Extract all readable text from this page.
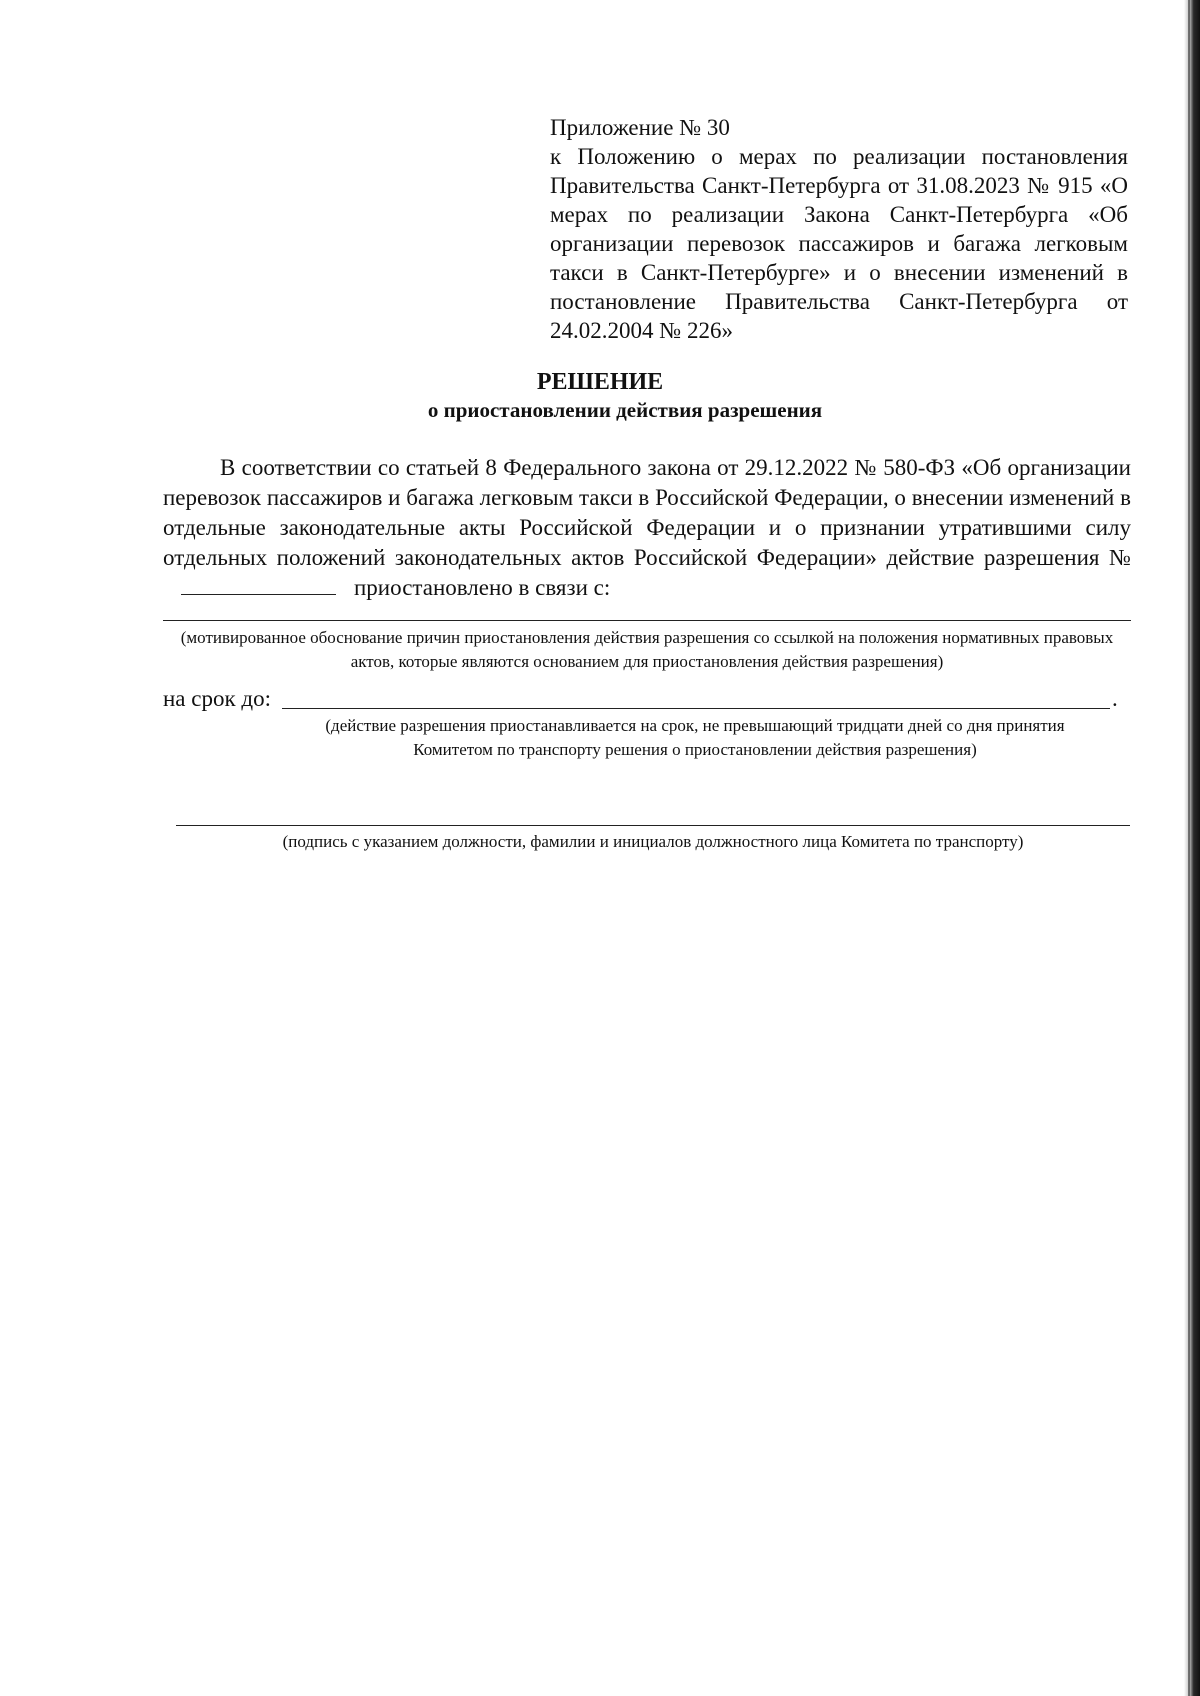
Приложение № 30
к Положению о мерах по реализации постановления Правительства Санкт-Петербурга от 31.08.2023 № 915 «О мерах по реализации Закона Санкт-Петербурга «Об организации перевозок пассажиров и багажа легковым такси в Санкт-Петербурге» и о внесении изменений в постановление Правительства Санкт-Петербурга от 24.02.2004 № 226»
РЕШЕНИЕ
о приостановлении действия разрешения
В соответствии со статьей 8 Федерального закона от 29.12.2022 № 580-ФЗ «Об организации перевозок пассажиров и багажа легковым такси в Российской Федерации, о внесении изменений в отдельные законодательные акты Российской Федерации и о признании утратившими силу отдельных положений законодательных актов Российской Федерации» действие разрешения №приостановлено в связи с:
(мотивированное обоснование причин приостановления действия разрешения со ссылкой на положения нормативных правовых актов, которые являются основанием для приостановления действия разрешения)
на срок до:	.
(действие разрешения приостанавливается на срок, не превышающий тридцати дней со дня принятия Комитетом по транспорту решения о приостановлении действия разрешения)
(подпись с указанием должности, фамилии и инициалов должностного лица Комитета по транспорту)
